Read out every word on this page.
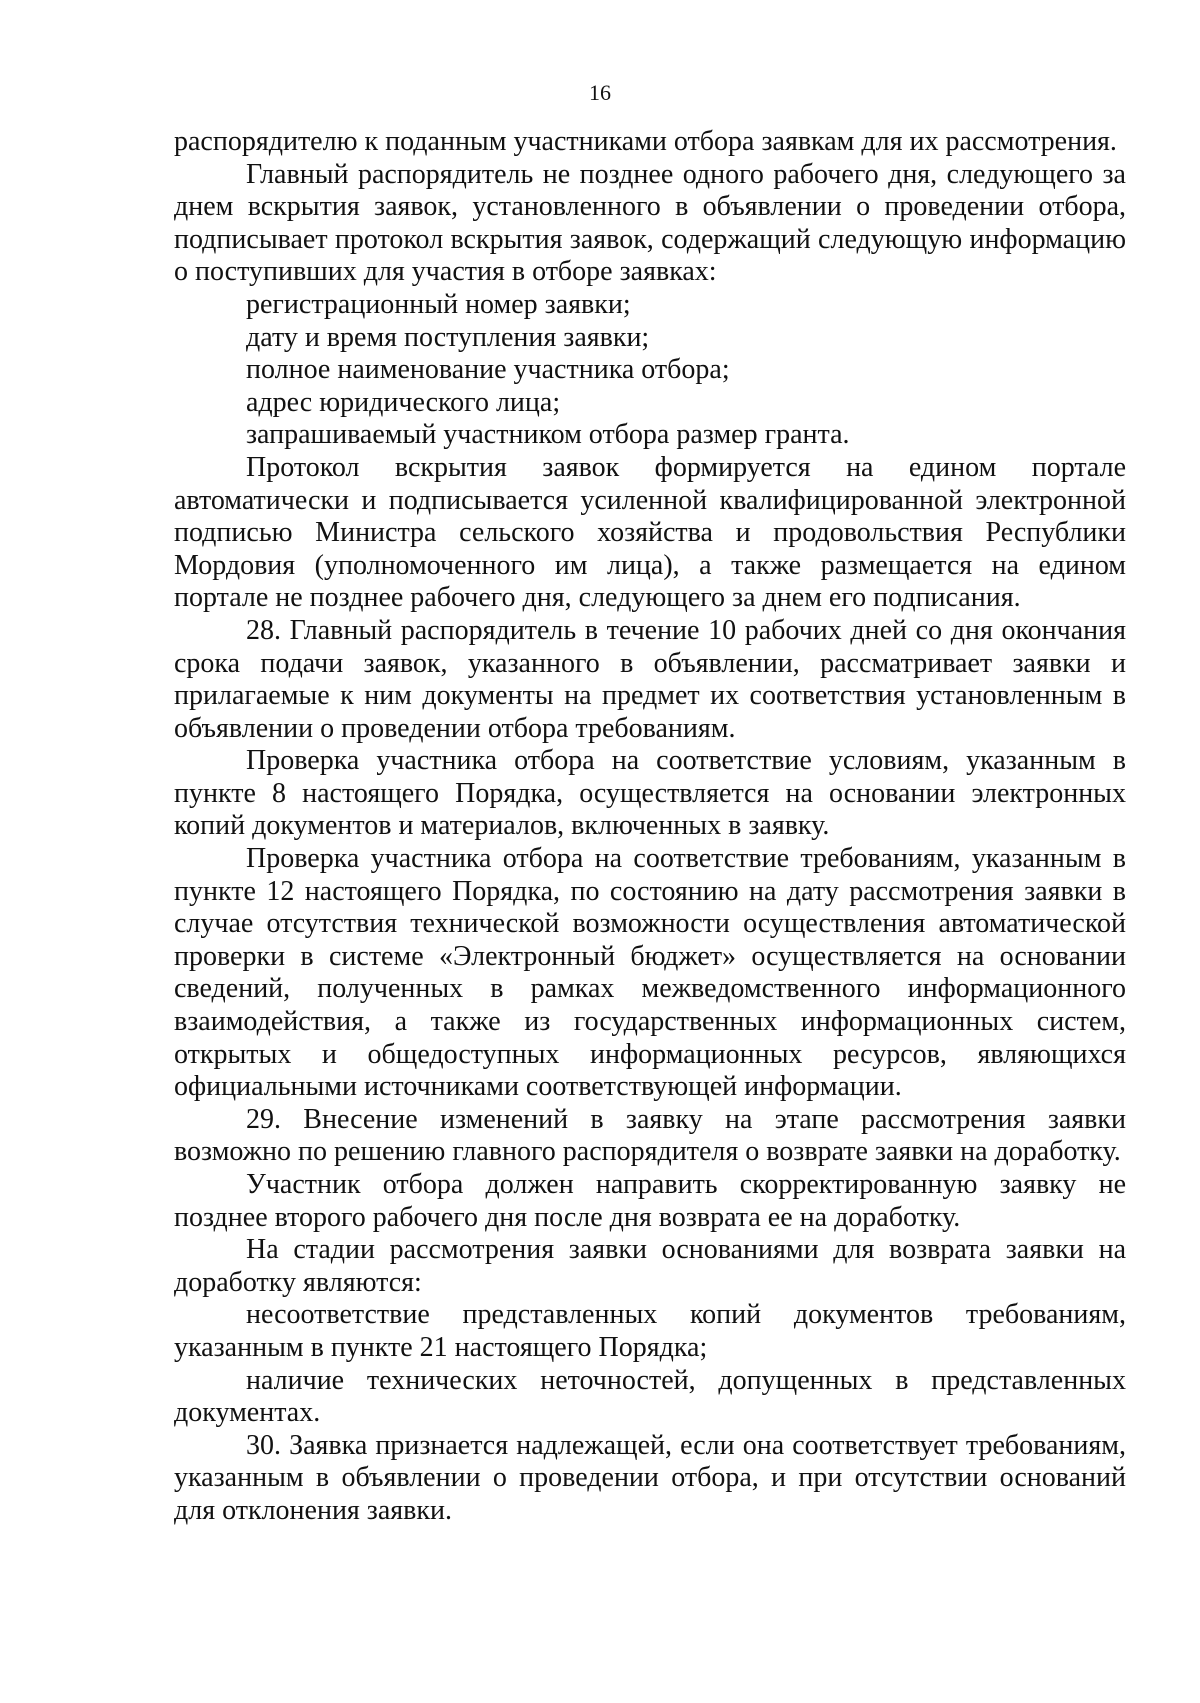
16

распорядителю к поданным участниками отбора заявкам для их рассмотрения.

Главный распорядитель не позднее одного рабочего дня, следующего за днем вскрытия заявок, установленного в объявлении о проведении отбора, подписывает протокол вскрытия заявок, содержащий следующую информацию о поступивших для участия в отборе заявках:

регистрационный номер заявки;

дату и время поступления заявки;

полное наименование участника отбора;

адрес юридического лица;

запрашиваемый участником отбора размер гранта.

Протокол вскрытия заявок формируется на едином портале автоматически и подписывается усиленной квалифицированной электронной подписью Министра сельского хозяйства и продовольствия Республики Мордовия (уполномоченного им лица), а также размещается на едином портале не позднее рабочего дня, следующего за днем его подписания.

28. Главный распорядитель в течение 10 рабочих дней со дня окончания срока подачи заявок, указанного в объявлении, рассматривает заявки и прилагаемые к ним документы на предмет их соответствия установленным в объявлении о проведении отбора требованиям.

Проверка участника отбора на соответствие условиям, указанным в пункте 8 настоящего Порядка, осуществляется на основании электронных копий документов и материалов, включенных в заявку.

Проверка участника отбора на соответствие требованиям, указанным в пункте 12 настоящего Порядка, по состоянию на дату рассмотрения заявки в случае отсутствия технической возможности осуществления автоматической проверки в системе «Электронный бюджет» осуществляется на основании сведений, полученных в рамках межведомственного информационного взаимодействия, а также из государственных информационных систем, открытых и общедоступных информационных ресурсов, являющихся официальными источниками соответствующей информации.

29. Внесение изменений в заявку на этапе рассмотрения заявки возможно по решению главного распорядителя о возврате заявки на доработку.

Участник отбора должен направить скорректированную заявку не позднее второго рабочего дня после дня возврата ее на доработку.

На стадии рассмотрения заявки основаниями для возврата заявки на доработку являются:

несоответствие представленных копий документов требованиям, указанным в пункте 21 настоящего Порядка;

наличие технических неточностей, допущенных в представленных документах.

30. Заявка признается надлежащей, если она соответствует требованиям, указанным в объявлении о проведении отбора, и при отсутствии оснований для отклонения заявки.
